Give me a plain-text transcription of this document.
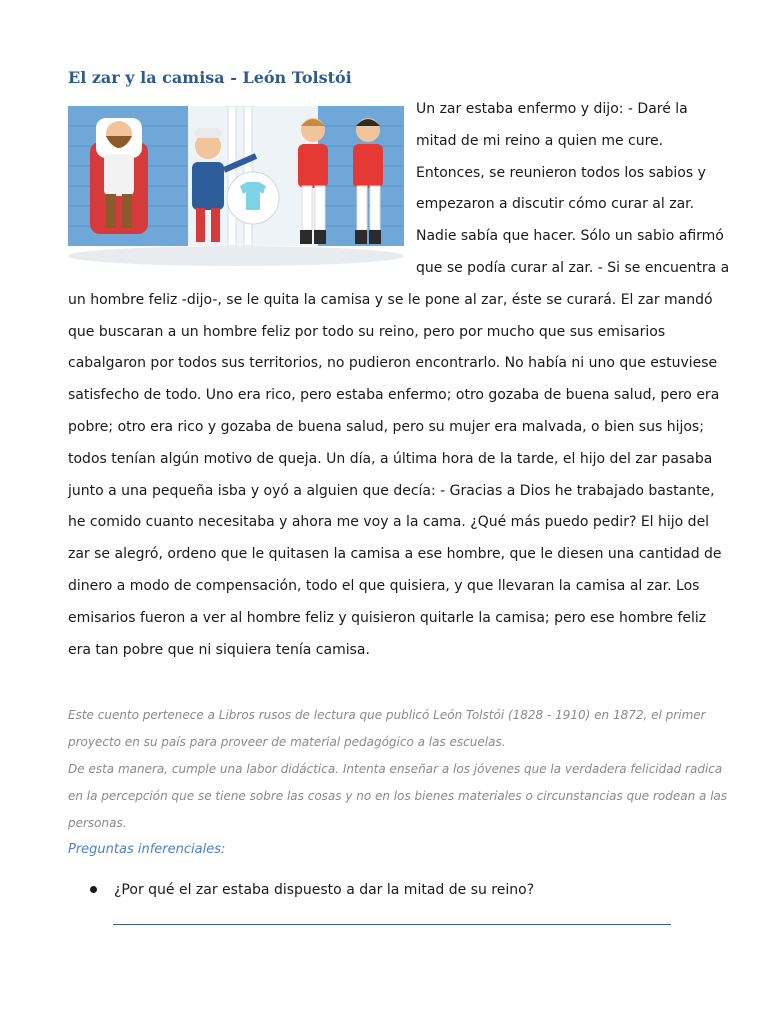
El zar y la camisa - León Tolstói

Un zar estaba enfermo y dijo: - Daré la mitad de mi reino a quien me cure. Entonces, se reunieron todos los sabios y empezaron a discutir cómo curar al zar. Nadie sabía que hacer. Sólo un sabio afirmó que se podía curar al zar. - Si se encuentra a un hombre feliz -dijo-, se le quita la camisa y se le pone al zar, éste se curará. El zar mandó que buscaran a un hombre feliz por todo su reino, pero por mucho que sus emisarios cabalgaron por todos sus territorios, no pudieron encontrarlo. No había ni uno que estuviese satisfecho de todo. Uno era rico, pero estaba enfermo; otro gozaba de buena salud, pero era pobre; otro era rico y gozaba de buena salud, pero su mujer era malvada, o bien sus hijos; todos tenían algún motivo de queja. Un día, a última hora de la tarde, el hijo del zar pasaba junto a una pequeña isba y oyó a alguien que decía: - Gracias a Dios he trabajado bastante, he comido cuanto necesitaba y ahora me voy a la cama. ¿Qué más puedo pedir? El hijo del zar se alegró, ordeno que le quitasen la camisa a ese hombre, que le diesen una cantidad de dinero a modo de compensación, todo el que quisiera, y que llevaran la camisa al zar. Los emisarios fueron a ver al hombre feliz y quisieron quitarle la camisa; pero ese hombre feliz era tan pobre que ni siquiera tenía camisa.

Este cuento pertenece a Libros rusos de lectura que publicó León Tolstói (1828 - 1910) en 1872, el primer proyecto en su país para proveer de material pedagógico a las escuelas.

De esta manera, cumple una labor didáctica. Intenta enseñar a los jóvenes que la verdadera felicidad radica en la percepción que se tiene sobre las cosas y no en los bienes materiales o circunstancias que rodean a las personas.

Preguntas inferenciales:
¿Por qué el zar estaba dispuesto a dar la mitad de su reino?
